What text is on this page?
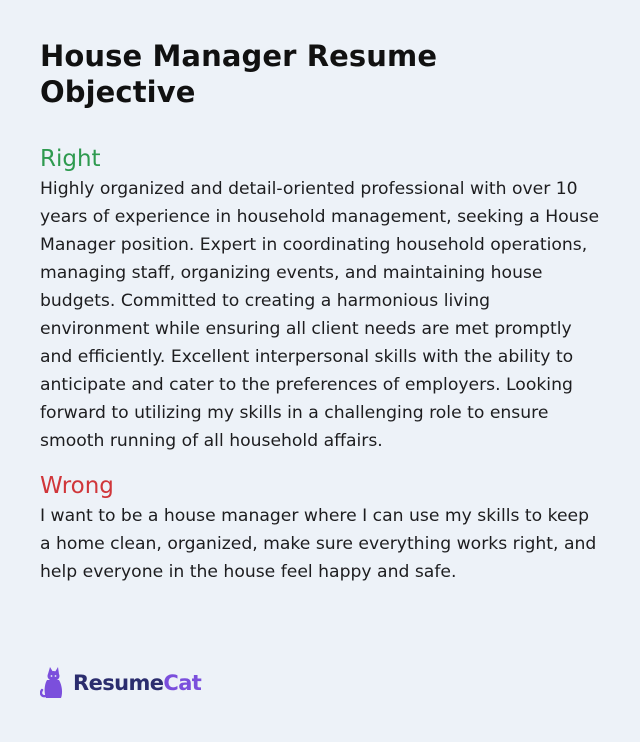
House Manager Resume
Objective
Right

Highly organized and detail-oriented professional with over 10 years of experience in household management, seeking a House Manager position. Expert in coordinating household operations, managing staff, organizing events, and maintaining house budgets. Committed to creating a harmonious living environment while ensuring all client needs are met promptly and efficiently. Excellent interpersonal skills with the ability to anticipate and cater to the preferences of employers. Looking forward to utilizing my skills in a challenging role to ensure smooth running of all household affairs.

Wrong

I want to be a house manager where I can use my skills to keep a home clean, organized, make sure everything works right, and help everyone in the house feel happy and safe.

ResumeCat
